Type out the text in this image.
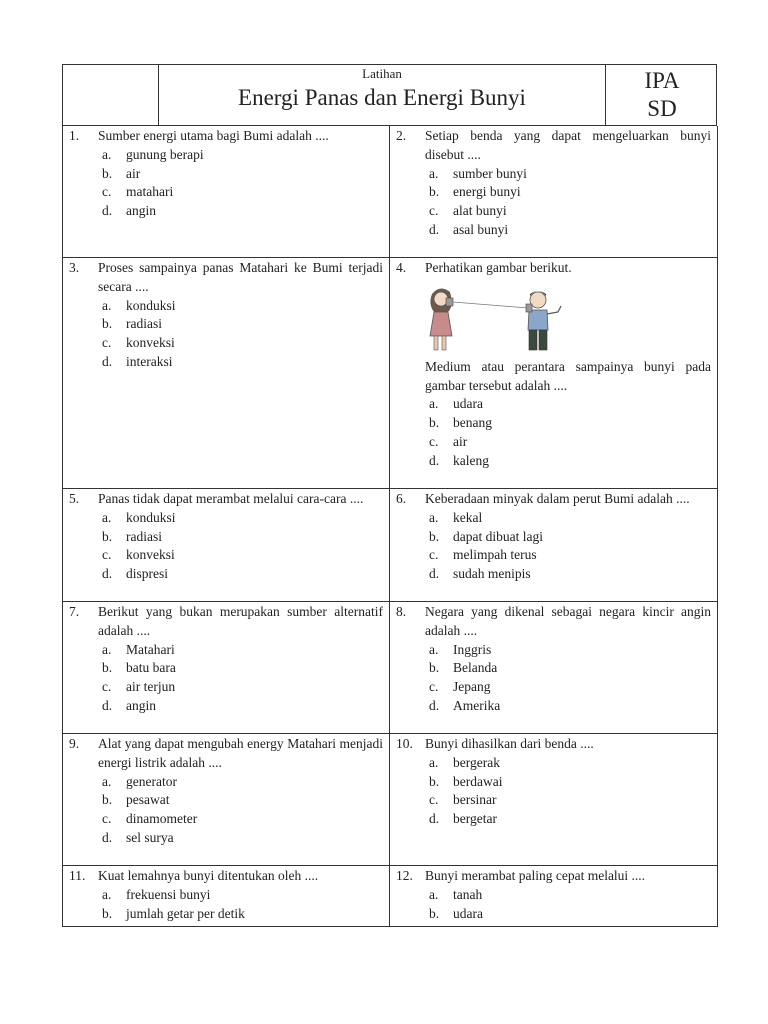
Latihan
Energi Panas dan Energi Bunyi
IPA
SD
1.	Sumber energi utama bagi Bumi adalah ....
a.	gunung berapi
b.	air
c.	matahari
d.	angin
2.	Setiap benda yang dapat mengeluarkan bunyi disebut ....
a.	sumber bunyi
b.	energi bunyi
c.	alat bunyi
d.	asal bunyi
3.	Proses sampainya panas Matahari ke Bumi terjadi secara ....
a.	konduksi
b.	radiasi
c.	konveksi
d.	interaksi
4.	Perhatikan gambar berikut.
Medium atau perantara sampainya bunyi pada gambar tersebut adalah ....
a.	udara
b.	benang
c.	air
d.	kaleng
5.	Panas tidak dapat merambat melalui cara-cara ....
a.	konduksi
b.	radiasi
c.	konveksi
d.	dispresi
6.	Keberadaan minyak dalam perut Bumi adalah ....
a.	kekal
b.	dapat dibuat lagi
c.	melimpah terus
d.	sudah menipis
7.	Berikut yang bukan merupakan sumber alternatif adalah ....
a.	Matahari
b.	batu bara
c.	air terjun
d.	angin
8.	Negara yang dikenal sebagai negara kincir angin adalah ....
a.	Inggris
b.	Belanda
c.	Jepang
d.	Amerika
9.	Alat yang dapat mengubah energy Matahari menjadi energi listrik adalah ....
a.	generator
b.	pesawat
c.	dinamometer
d.	sel surya
10. Bunyi dihasilkan dari benda ....
a.	bergerak
b.	berdawai
c.	bersinar
d.	bergetar
11. Kuat lemahnya bunyi ditentukan oleh ....
a.	frekuensi bunyi
b.	jumlah getar per detik
12. Bunyi merambat paling cepat melalui ....
a.	tanah
b.	udara
